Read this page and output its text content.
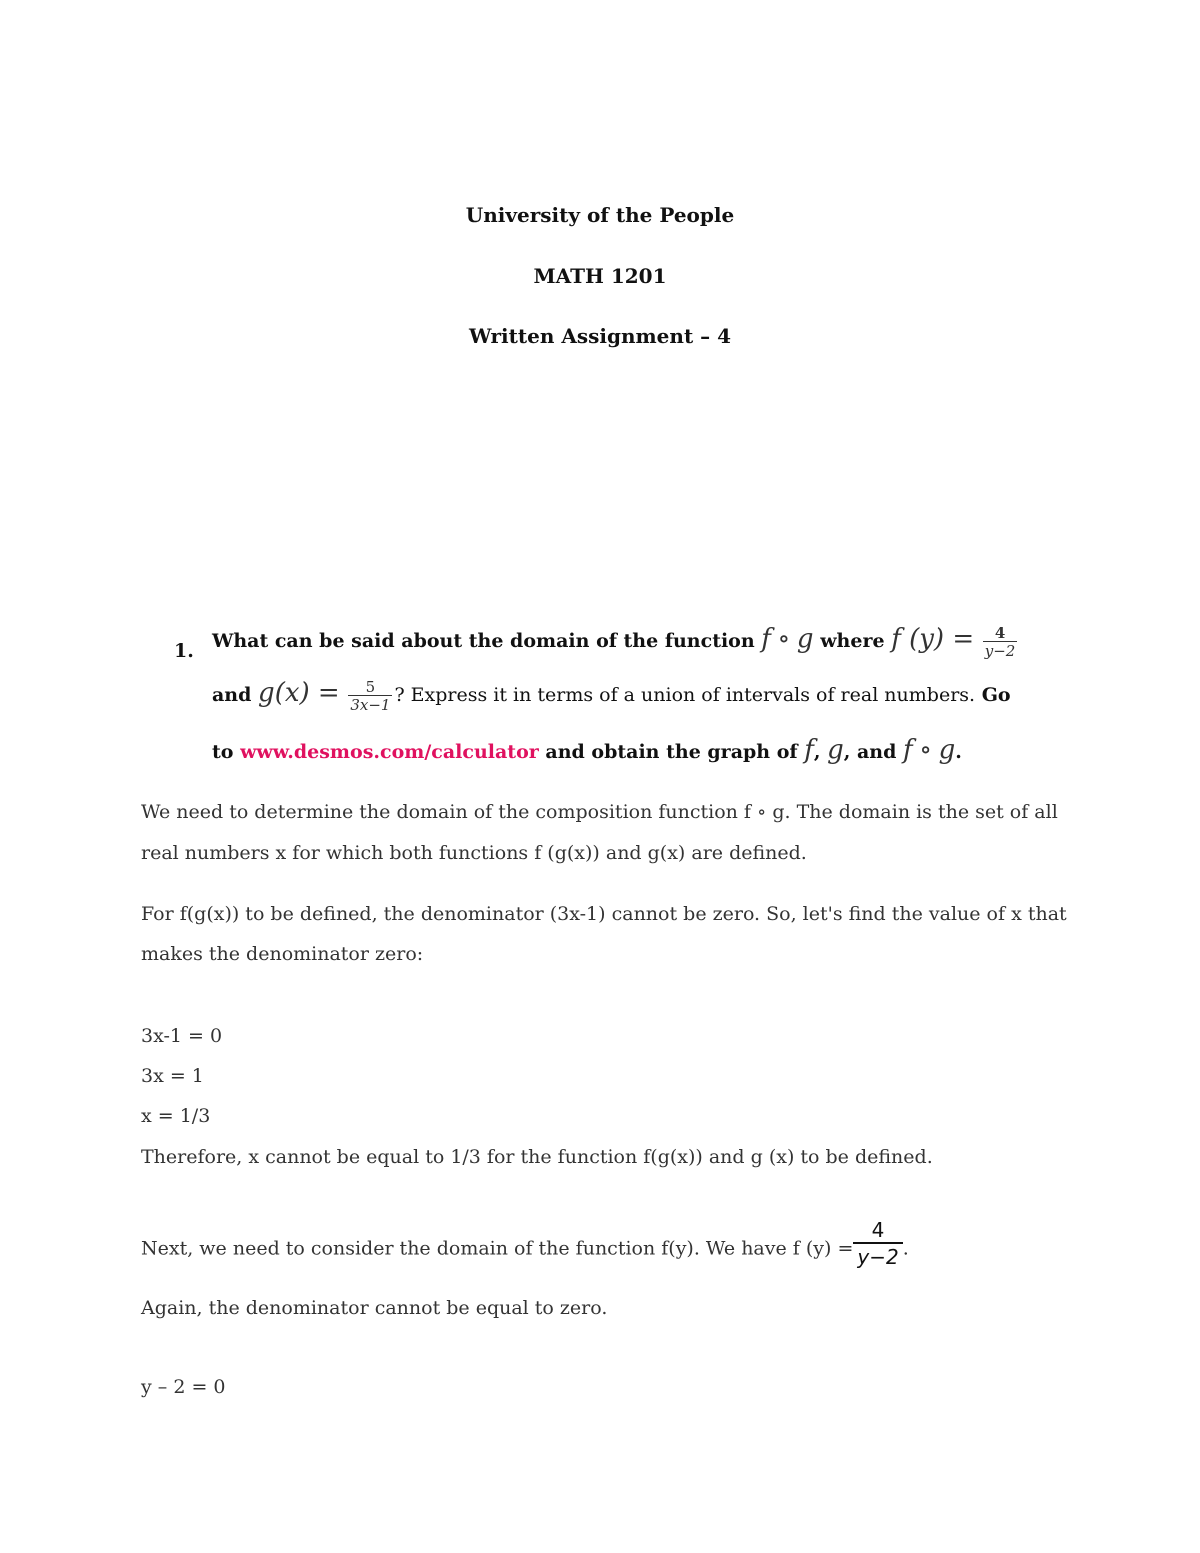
University of the People
MATH 1201
Written Assignment – 4
1. What can be said about the domain of the function f ∘ g where f $(y) = \frac{4}{y-2}$
and $g(x) = \frac{5}{3x-1}$ ? Express it in terms of a union of intervals of real numbers. Go
to www.desmos.com/calculator and obtain the graph of f, g, and f ∘ g.
We need to determine the domain of the composition function f ∘ g. The domain is the set of all
real numbers x for which both functions f (g(x)) and g(x) are defined.
For f(g(x)) to be defined, the denominator (3x-1) cannot be zero. So, let's find the value of x that
makes the denominator zero:
3x-1 = 0
3x = 1
x = 1/3
Therefore, x cannot be equal to 1/3 for the function f(g(x)) and g (x) to be defined.
Next, we need to consider the domain of the function f(y). We have f $(y) = \frac{4}{y-2}$ .
Again, the denominator cannot be equal to zero.
y – 2 = 0
